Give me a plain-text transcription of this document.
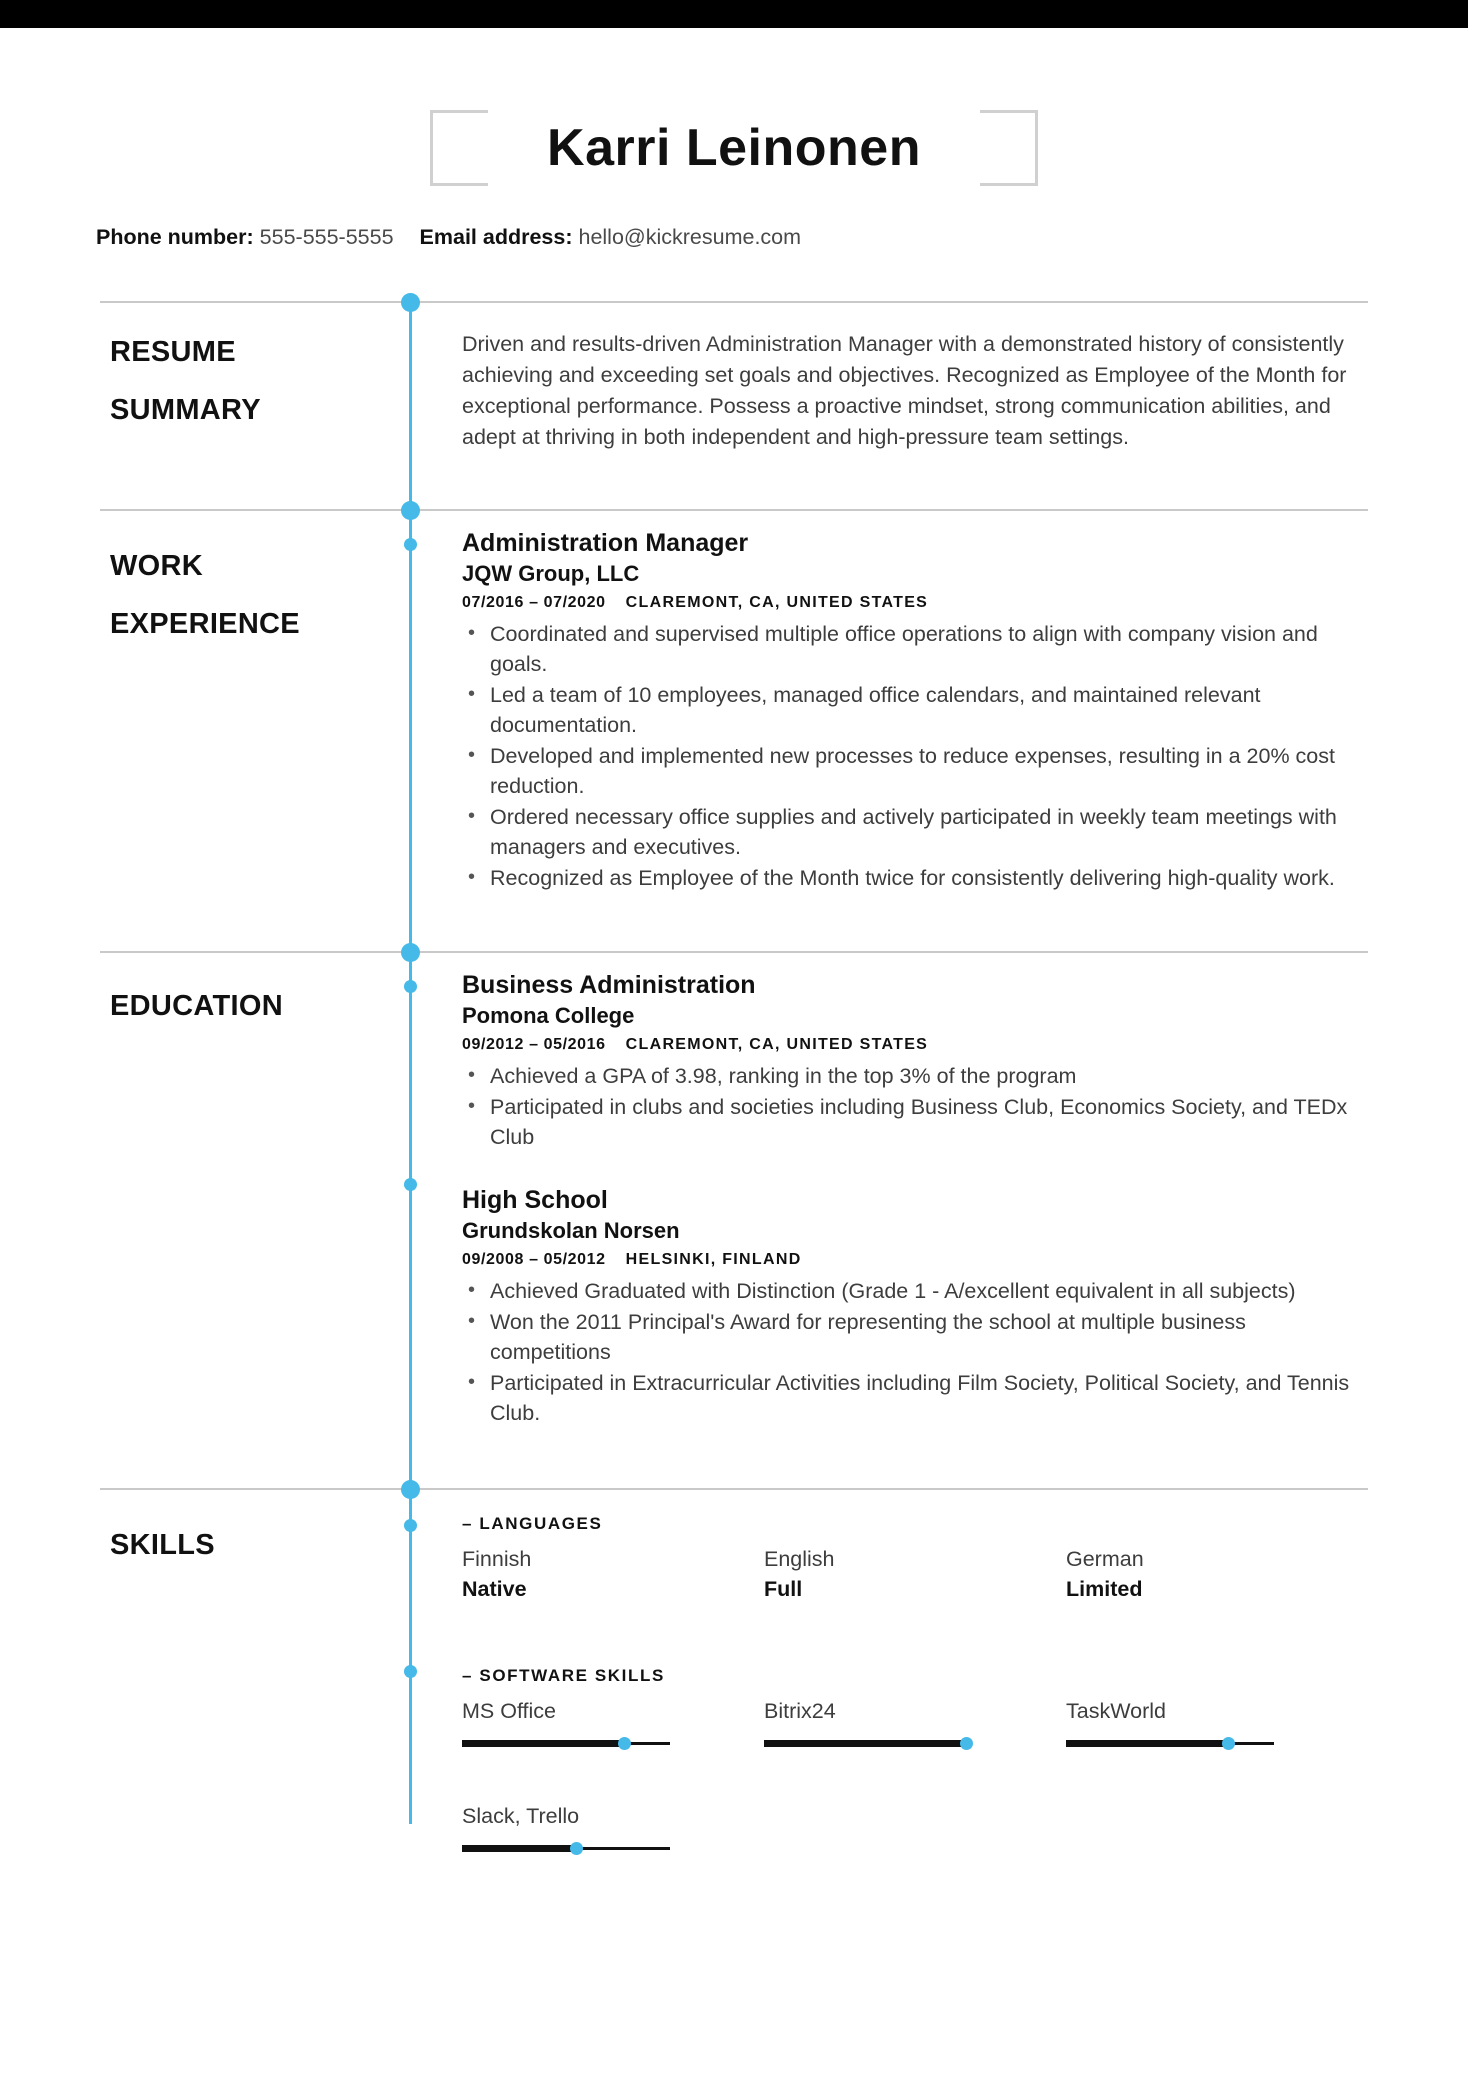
Karri Leinonen
Phone number: 555-555-5555 Email address: hello@kickresume.com
RESUME
SUMMARY
Driven and results-driven Administration Manager with a demonstrated history of consistently achieving and exceeding set goals and objectives. Recognized as Employee of the Month for exceptional performance. Possess a proactive mindset, strong communication abilities, and adept at thriving in both independent and high-pressure team settings.
WORK
EXPERIENCE
Administration Manager
JQW Group, LLC
07/2016 – 07/2020 CLAREMONT, CA, UNITED STATES
• Coordinated and supervised multiple office operations to align with company vision and goals.
• Led a team of 10 employees, managed office calendars, and maintained relevant documentation.
• Developed and implemented new processes to reduce expenses, resulting in a 20% cost reduction.
• Ordered necessary office supplies and actively participated in weekly team meetings with managers and executives.
• Recognized as Employee of the Month twice for consistently delivering high-quality work.
EDUCATION
Business Administration
Pomona College
09/2012 – 05/2016 CLAREMONT, CA, UNITED STATES
• Achieved a GPA of 3.98, ranking in the top 3% of the program
• Participated in clubs and societies including Business Club, Economics Society, and TEDx Club
High School
Grundskolan Norsen
09/2008 – 05/2012 HELSINKI, FINLAND
• Achieved Graduated with Distinction (Grade 1 - A/excellent equivalent in all subjects)
• Won the 2011 Principal's Award for representing the school at multiple business competitions
• Participated in Extracurricular Activities including Film Society, Political Society, and Tennis Club.
SKILLS
– LANGUAGES
Finnish
Native
English
Full
German
Limited
– SOFTWARE SKILLS
MS Office	Bitrix24	TaskWorld
Slack, Trello
